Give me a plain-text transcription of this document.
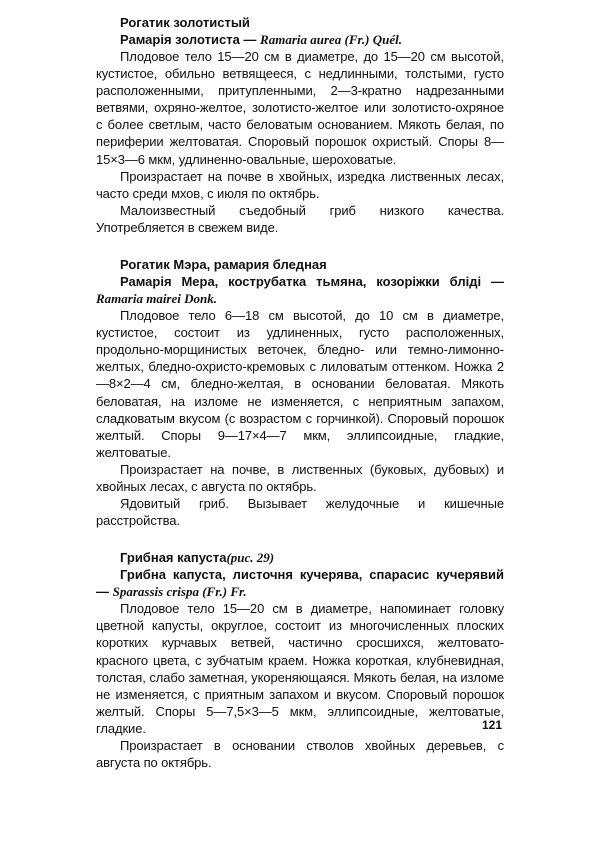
Рогатик золотистый

Рамарія золотиста — Ramaria aurea (Fr.) Quél.

Плодовое тело 15—20 см в диаметре, до 15—20 см высотой, кустистое, обильно ветвящееся, с недлинными, толстыми, густо расположенными, притупленными, 2—3-кратно надрезанными ветвями, охряно-желтое, золотисто-желтое или золотисто-охряное с более светлым, часто беловатым основанием. Мякоть белая, по периферии желтоватая. Споровый порошок охристый. Споры 8—15×3—6 мкм, удлиненно-овальные, шероховатые.

Произрастает на почве в хвойных, изредка лиственных лесах, часто среди мхов, с июля по октябрь.

Малоизвестный съедобный гриб низкого качества. Употребляется в свежем виде.

Рогатик Мэра, рамария бледная

Рамарія Мера, кострубатка тьмяна, козоріжки бліді — Ramaria mairei Donk.

Плодовое тело 6—18 см высотой, до 10 см в диаметре, кустистое, состоит из удлиненных, густо расположенных, продольно-морщинистых веточек, бледно- или темно-лимонно-желтых, бледно-охристо-кремовых с лиловатым оттенком. Ножка 2—8×2—4 см, бледно-желтая, в основании беловатая. Мякоть беловатая, на изломе не изменяется, с неприятным запахом, сладковатым вкусом (с возрастом с горчинкой). Споровый порошок желтый. Споры 9—17×4—7 мкм, эллипсоидные, гладкие, желтоватые.

Произрастает на почве, в лиственных (буковых, дубовых) и хвойных лесах, с августа по октябрь.

Ядовитый гриб. Вызывает желудочные и кишечные расстройства.

Грибная капуста(рис. 29)

Грибна капуста, листочня кучерява, спарасис кучерявий — Sparassis crispa (Fr.) Fr.

Плодовое тело 15—20 см в диаметре, напоминает головку цветной капусты, округлое, состоит из многочисленных плоских коротких курчавых ветвей, частично сросшихся, желтовато-красного цвета, с зубчатым краем. Ножка короткая, клубневидная, толстая, слабо заметная, укореняющаяся. Мякоть белая, на изломе не изменяется, с приятным запахом и вкусом. Споровый порошок желтый. Споры 5—7,5×3—5 мкм, эллипсоидные, желтоватые, гладкие.

Произрастает в основании стволов хвойных деревьев, с августа по октябрь.

121
